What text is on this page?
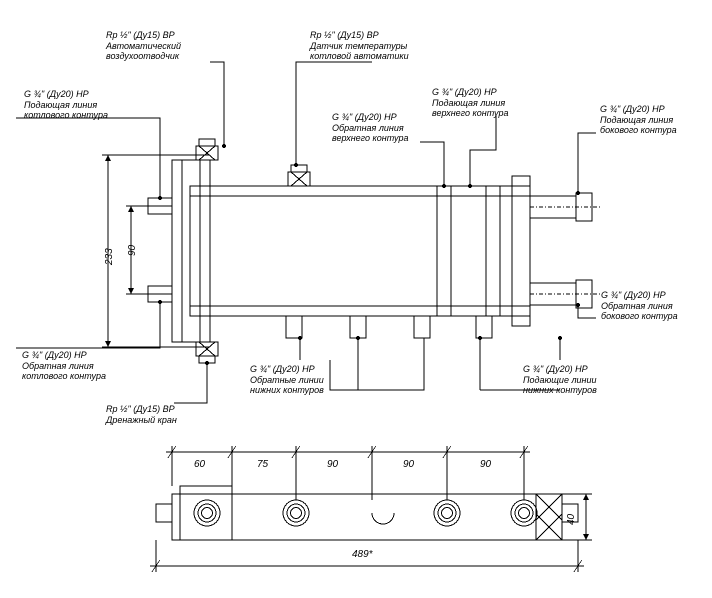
Rp ½" (Ду15) ВР
Автоматический
воздухоотводчик
Rp ½" (Ду15) ВР
Датчик температуры
котловой автоматики
G ¾" (Ду20) НР
Подающая линия
котлового контура
G ¾" (Ду20) НР
Подающая линия
верхнего контура
G ¾" (Ду20) НР
Обратная линия
верхнего контура
G ¾" (Ду20) НР
Подающая линия
бокового контура
G ¾" (Ду20) НР
Обратная линия
бокового контура
G ¾" (Ду20) НР
Обратная линия
котлового контура
Rp ½" (Ду15) ВР
Дренажный кран
G ¾" (Ду20) НР
Обратные линии
нижних контуров
G ¾" (Ду20) НР
Подающие линии
нижних контуров
233 90
40
60	75	90	90	90
489*
